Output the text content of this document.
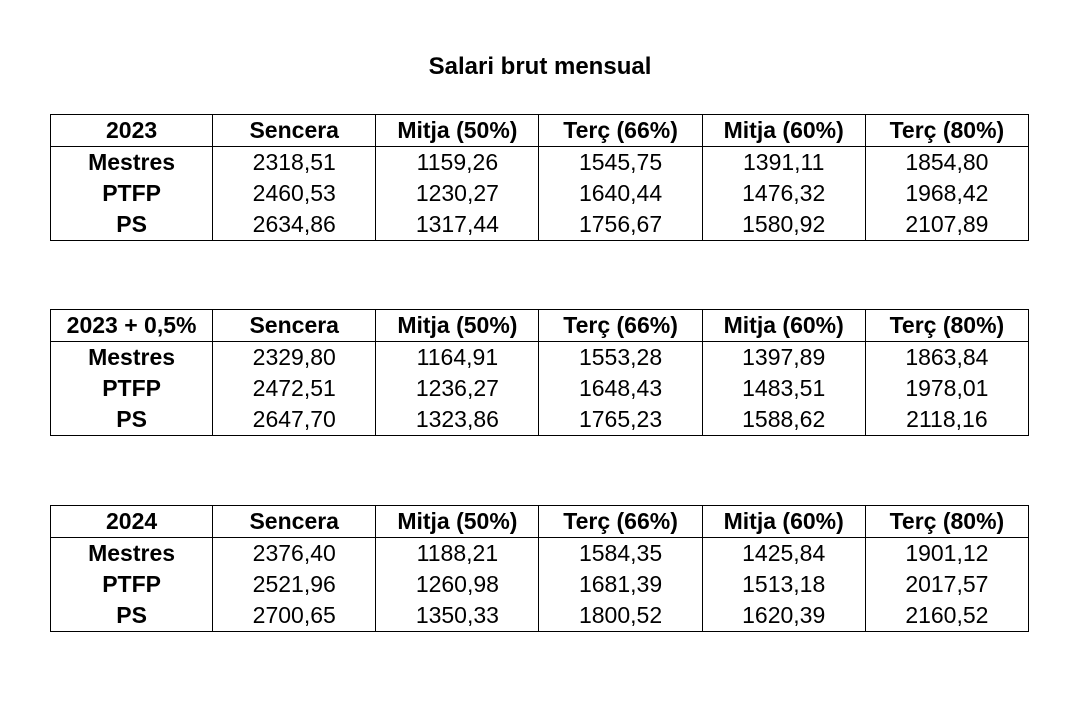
Salari brut mensual
2023	Sencera	Mitja (50%)	Terç (66%)	Mitja (60%)	Terç (80%)
Mestres	2318,51	1159,26	1545,75	1391,11	1854,80
PTFP	2460,53	1230,27	1640,44	1476,32	1968,42
PS	2634,86	1317,44	1756,67	1580,92	2107,89
2023 + 0,5%	Sencera	Mitja (50%)	Terç (66%)	Mitja (60%)	Terç (80%)
Mestres	2329,80	1164,91	1553,28	1397,89	1863,84
PTFP	2472,51	1236,27	1648,43	1483,51	1978,01
PS	2647,70	1323,86	1765,23	1588,62	2118,16
2024	Sencera	Mitja (50%)	Terç (66%)	Mitja (60%)	Terç (80%)
Mestres	2376,40	1188,21	1584,35	1425,84	1901,12
PTFP	2521,96	1260,98	1681,39	1513,18	2017,57
PS	2700,65	1350,33	1800,52	1620,39	2160,52
